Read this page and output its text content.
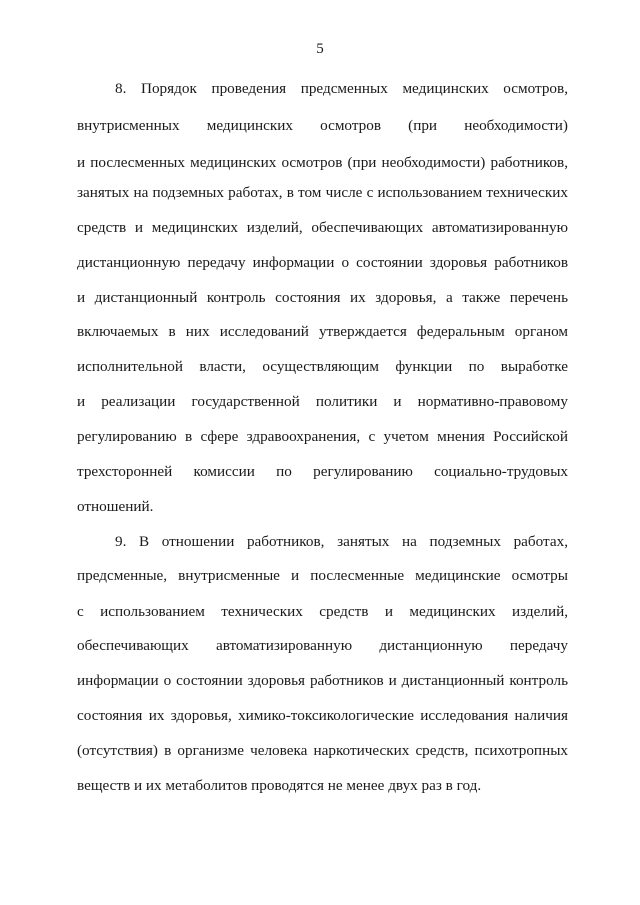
5
8. Порядок проведения предсменных медицинских осмотров,
внутрисменных медицинских осмотров (при необходимости)
и послесменных медицинских осмотров (при необходимости) работников,
занятых на подземных работах, в том числе с использованием технических
средств и медицинских изделий, обеспечивающих автоматизированную
дистанционную передачу информации о состоянии здоровья работников
и дистанционный контроль состояния их здоровья, а также перечень
включаемых в них исследований утверждается федеральным органом
исполнительной власти, осуществляющим функции по выработке
и реализации государственной политики и нормативно-правовому
регулированию в сфере здравоохранения, с учетом мнения Российской
трехсторонней комиссии по регулированию социально-трудовых
отношений.
9. В отношении работников, занятых на подземных работах,
предсменные, внутрисменные и послесменные медицинские осмотры
с использованием технических средств и медицинских изделий,
обеспечивающих автоматизированную дистанционную передачу
информации о состоянии здоровья работников и дистанционный контроль
состояния их здоровья, химико-токсикологические исследования наличия
(отсутствия) в организме человека наркотических средств, психотропных
веществ и их метаболитов проводятся не менее двух раз в год.
